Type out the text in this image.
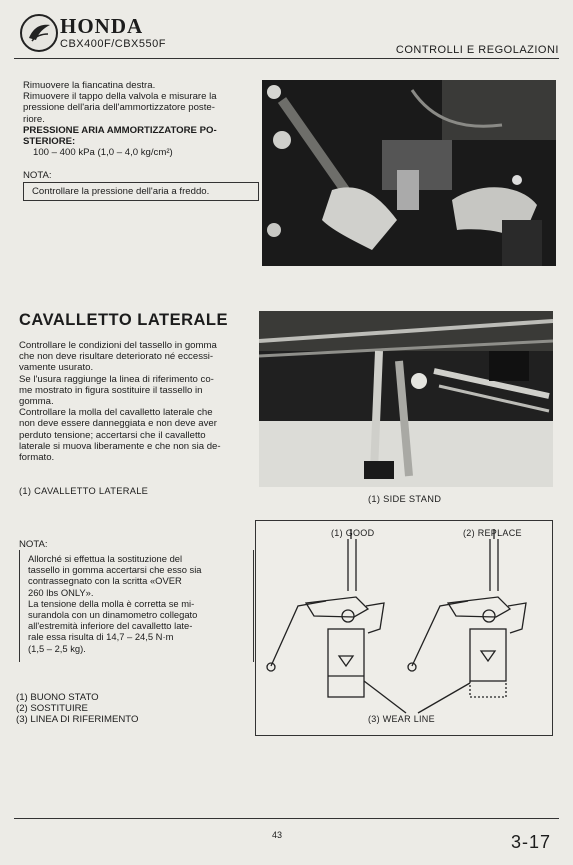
HONDA
CBX400F/CBX550F	CONTROLLI E REGOLAZIONI
Rimuovere la fiancatina destra.
Rimuovere il tappo della valvola e misurare la
pressione dell'aria dell'ammortizzatore poste-
riore.
PRESSIONE ARIA AMMORTIZZATORE PO-
STERIORE:
100 – 400 kPa (1,0 – 4,0 kg/cm²)
NOTA:
Controllare la pressione dell'aria a freddo.
CAVALLETTO LATERALE
Controllare le condizioni del tassello in gomma
che non deve risultare deteriorato né eccessi-
vamente usurato.
Se l'usura raggiunge la linea di riferimento co-
me mostrato in figura sostituire il tassello in
gomma.
Controllare la molla del cavalletto laterale che
non deve essere danneggiata e non deve aver
perduto tensione; accertarsi che il cavalletto
laterale si muova liberamente e che non sia de-
formato.
(1) CAVALLETTO LATERALE
(1) SIDE STAND
NOTA:
Allorché si effettua la sostituzione del
tassello in gomma accertarsi che esso sia
contrassegnato con la scritta «OVER
260 lbs ONLY».
La tensione della molla è corretta se mi-
surandola con un dinamometro collegato
all'estremità inferiore del cavalletto late-
rale essa risulta di 14,7 – 24,5 N·m
(1,5 – 2,5 kg).
(1) BUONO STATO
(2) SOSTITUIRE
(3) LINEA DI RIFERIMENTO
(1) GOOD	(2) REPLACE
(3) WEAR LINE
43	3-17
